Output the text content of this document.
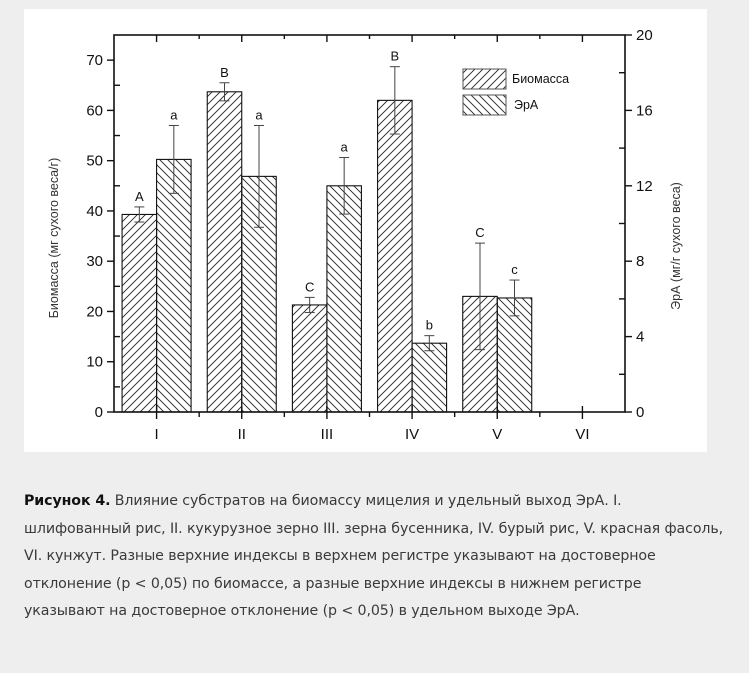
A
B
C
B
C
a	a
a
b
c
0
10
20
30
40
50
60
70
0
4
8
12
16
20
I	II	III	IV	V	VI
Биомасса (мг сухого веса/г)	ЭрА (мг/г сухого веса)
Биомасса
ЭрА
Рисунок 4. Влияние субстратов на биомассу мицелия и удельный выход ЭрА. I. шлифованный рис, II. кукурузное зерно III. зерна бусенника, IV. бурый рис, V. красная фасоль, VI. кунжут. Разные верхние индексы в верхнем регистре указывают на достоверное отклонение (p < 0,05) по биомассе, а разные верхние индексы в нижнем регистре указывают на достоверное отклонение (p < 0,05) в удельном выходе ЭрА.
